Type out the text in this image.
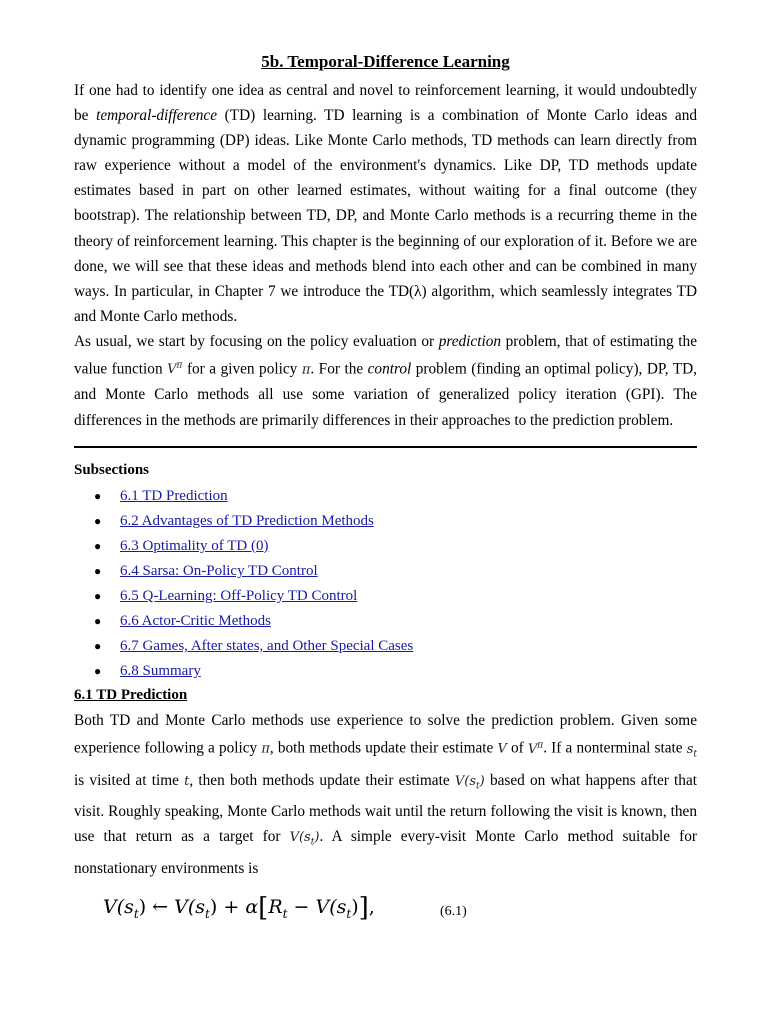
5b. Temporal-Difference Learning

If one had to identify one idea as central and novel to reinforcement learning, it would undoubtedly be temporal-difference (TD) learning. TD learning is a combination of Monte Carlo ideas and dynamic programming (DP) ideas. Like Monte Carlo methods, TD methods can learn directly from raw experience without a model of the environment's dynamics. Like DP, TD methods update estimates based in part on other learned estimates, without waiting for a final outcome (they bootstrap). The relationship between TD, DP, and Monte Carlo methods is a recurring theme in the theory of reinforcement learning. This chapter is the beginning of our exploration of it. Before we are done, we will see that these ideas and methods blend into each other and can be combined in many ways. In particular, in Chapter 7 we introduce the TD(λ) algorithm, which seamlessly integrates TD and Monte Carlo methods.

As usual, we start by focusing on the policy evaluation or prediction problem, that of estimating the value function $V^\pi$ for a given policy π. For the control problem (finding an optimal policy), DP, TD, and Monte Carlo methods all use some variation of generalized policy iteration (GPI). The differences in the methods are primarily differences in their approaches to the prediction problem.

Subsections
● 6.1 TD Prediction
● 6.2 Advantages of TD Prediction Methods
● 6.3 Optimality of TD (0)
● 6.4 Sarsa: On-Policy TD Control
● 6.5 Q-Learning: Off-Policy TD Control
● 6.6 Actor-Critic Methods
● 6.7 Games, After states, and Other Special Cases
● 6.8 Summary
6.1 TD Prediction

Both TD and Monte Carlo methods use experience to solve the prediction problem. Given some experience following a policy π, both methods update their estimate V of $V^\pi$. If a nonterminal state $s_t$ is visited at time t, then both methods update their estimate $V(s_t)$ based on what happens after that visit. Roughly speaking, Monte Carlo methods wait until the return following the visit is known, then use that return as a target for $V(s_t)$. A simple every-visit Monte Carlo method suitable for nonstationary environments is

$V(s_t)$ ← $V(s_t) + \alpha[R_t - V(s_t)]$,	(6.1)
